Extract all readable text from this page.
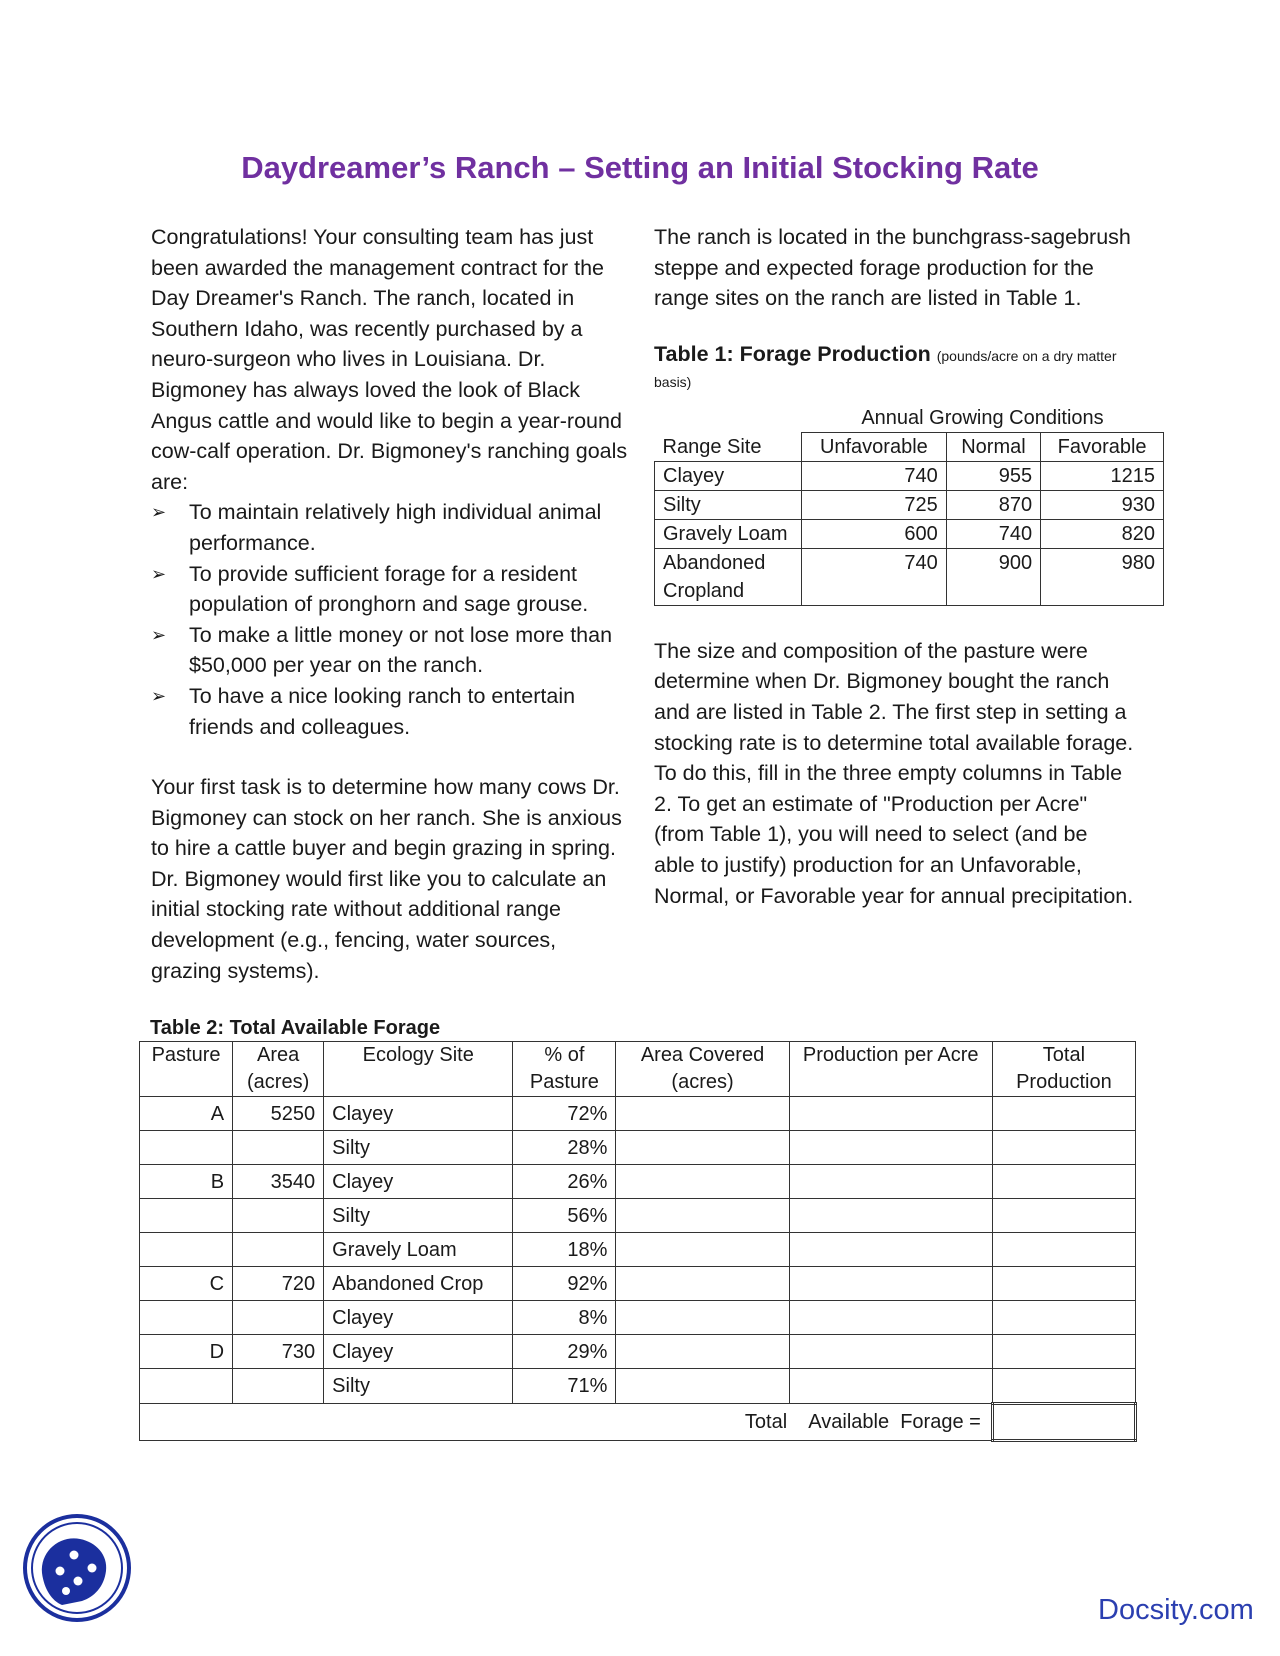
Daydreamer’s Ranch – Setting an Initial Stocking Rate

Congratulations! Your consulting team has just been awarded the management contract for the Day Dreamer's Ranch. The ranch, located in Southern Idaho, was recently purchased by a neuro-surgeon who lives in Louisiana. Dr. Bigmoney has always loved the look of Black Angus cattle and would like to begin a year-round cow-calf operation. Dr. Bigmoney's ranching goals are:

➢ To maintain relatively high individual animal performance.
➢ To provide sufficient forage for a resident population of pronghorn and sage grouse.
➢ To make a little money or not lose more than $50,000 per year on the ranch.
➢ To have a nice looking ranch to entertain friends and colleagues.

Your first task is to determine how many cows Dr. Bigmoney can stock on her ranch. She is anxious to hire a cattle buyer and begin grazing in spring. Dr. Bigmoney would first like you to calculate an initial stocking rate without additional range development (e.g., fencing, water sources, grazing systems).

The ranch is located in the bunchgrass-sagebrush steppe and expected forage production for the range sites on the ranch are listed in Table 1.

Table 1: Forage Production (pounds/acre on a dry matter basis)
	Annual Growing Conditions		
Range Site	Unfavorable	Normal	Favorable
Clayey	740	955	1215
Silty	725	870	930
Gravely Loam	600	740	820
Abandoned Cropland	740	900	980

The size and composition of the pasture were determine when Dr. Bigmoney bought the ranch and are listed in Table 2. The first step in setting a stocking rate is to determine total available forage. To do this, fill in the three empty columns in Table 2. To get an estimate of "Production per Acre" (from Table 1), you will need to select (and be able to justify) production for an Unfavorable, Normal, or Favorable year for annual precipitation.

Table 2: Total Available Forage
Pasture	Area (acres)	Ecology Site	% of Pasture	Area Covered (acres)	Production per Acre	Total Production
A	5250	Clayey	72%			
		Silty	28%			
B	3540	Clayey	26%			
		Silty	56%			
		Gravely Loam	18%			
C	720	Abandoned Crop	92%			
		Clayey	8%			
D	730	Clayey	29%			
		Silty	71%			
Total    Available  Forage =						
Docsity.com
